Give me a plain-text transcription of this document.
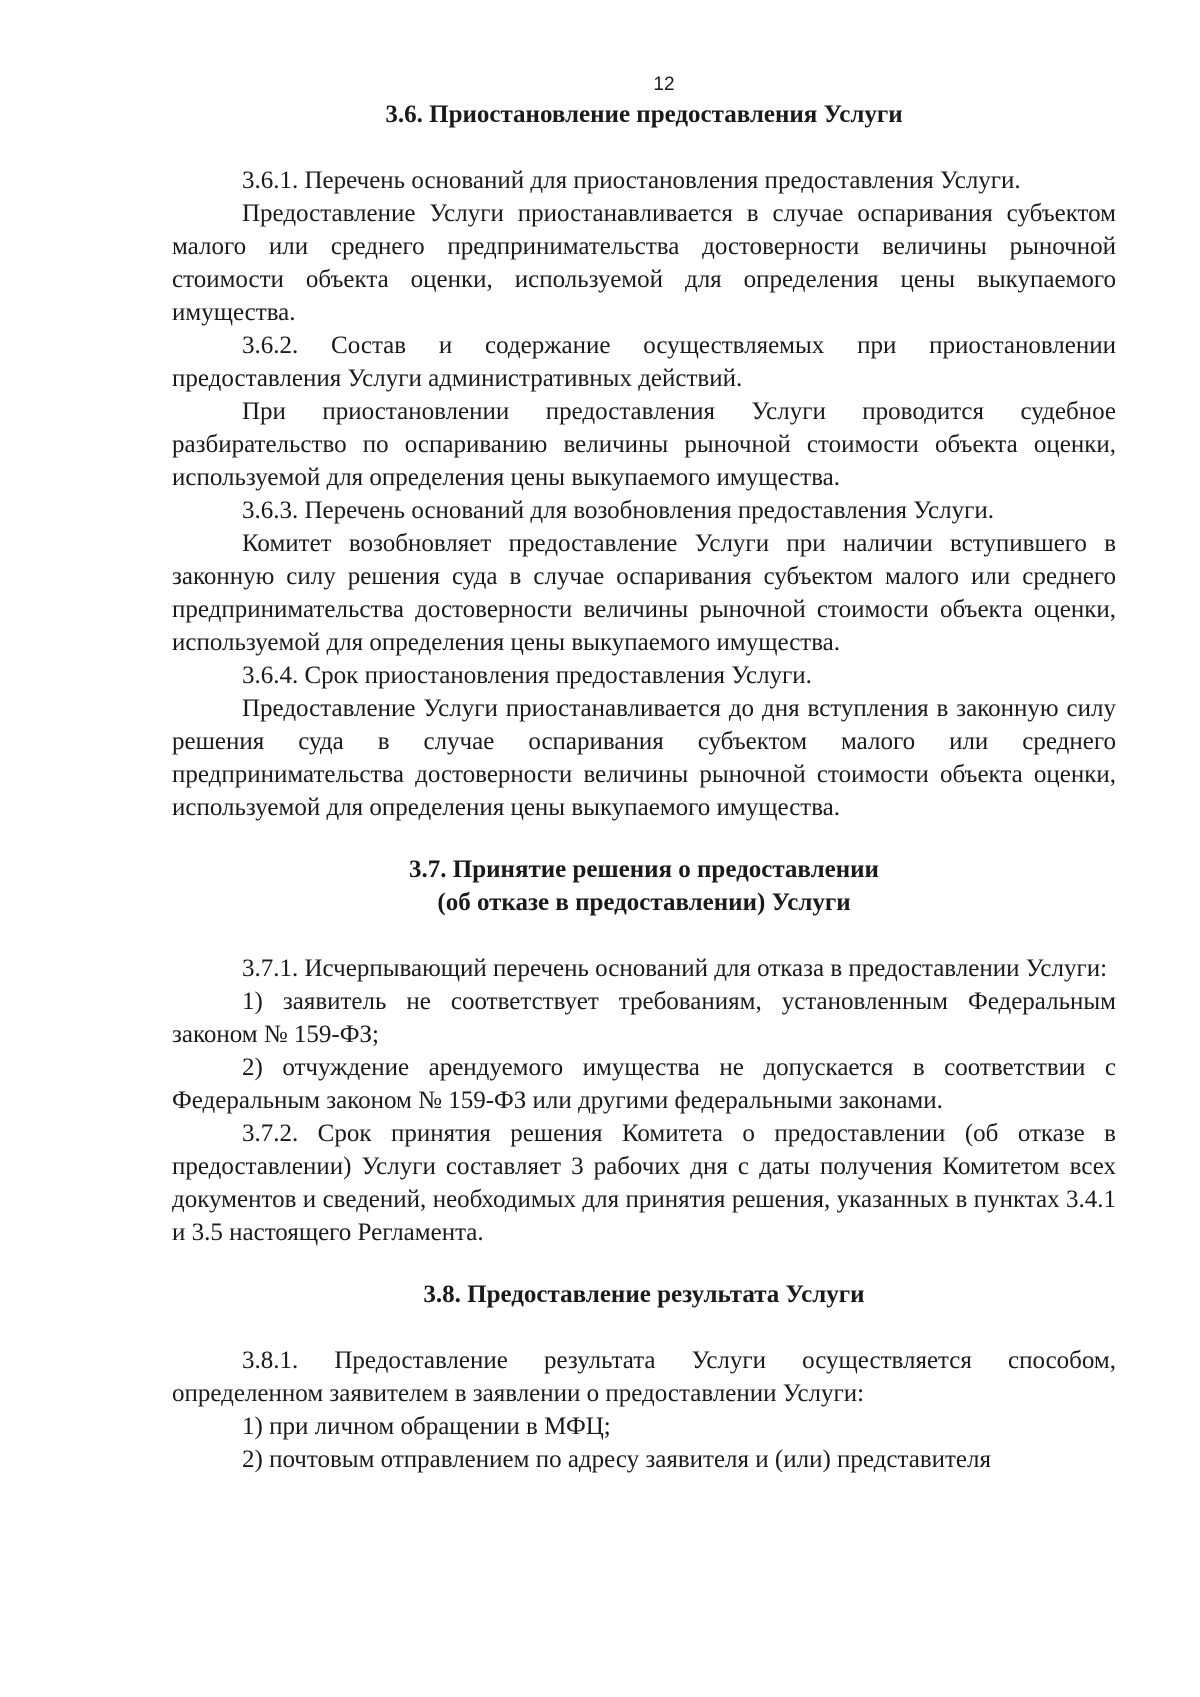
12
3.6. Приостановление предоставления Услуги

3.6.1. Перечень оснований для приостановления предоставления Услуги.

Предоставление Услуги приостанавливается в случае оспаривания субъектом малого или среднего предпринимательства достоверности величины рыночной стоимости объекта оценки, используемой для определения цены выкупаемого имущества.

3.6.2. Состав и содержание осуществляемых при приостановлении предоставления Услуги административных действий.

При приостановлении предоставления Услуги проводится судебное разбирательство по оспариванию величины рыночной стоимости объекта оценки, используемой для определения цены выкупаемого имущества.

3.6.3. Перечень оснований для возобновления предоставления Услуги.

Комитет возобновляет предоставление Услуги при наличии вступившего в законную силу решения суда в случае оспаривания субъектом малого или среднего предпринимательства достоверности величины рыночной стоимости объекта оценки, используемой для определения цены выкупаемого имущества.

3.6.4. Срок приостановления предоставления Услуги.

Предоставление Услуги приостанавливается до дня вступления в законную силу решения суда в случае оспаривания субъектом малого или среднего предпринимательства достоверности величины рыночной стоимости объекта оценки, используемой для определения цены выкупаемого имущества.

3.7. Принятие решения о предоставлении
(об отказе в предоставлении) Услуги

3.7.1. Исчерпывающий перечень оснований для отказа в предоставлении Услуги:

1) заявитель не соответствует требованиям, установленным Федеральным законом № 159-ФЗ;

2) отчуждение арендуемого имущества не допускается в соответствии с Федеральным законом № 159-ФЗ или другими федеральными законами.

3.7.2. Срок принятия решения Комитета о предоставлении (об отказе в предоставлении) Услуги составляет 3 рабочих дня с даты получения Комитетом всех документов и сведений, необходимых для принятия решения, указанных в пунктах 3.4.1 и 3.5 настоящего Регламента.

3.8. Предоставление результата Услуги

3.8.1. Предоставление результата Услуги осуществляется способом, определенном заявителем в заявлении о предоставлении Услуги:

1) при личном обращении в МФЦ;

2) почтовым отправлением по адресу заявителя и (или) представителя
